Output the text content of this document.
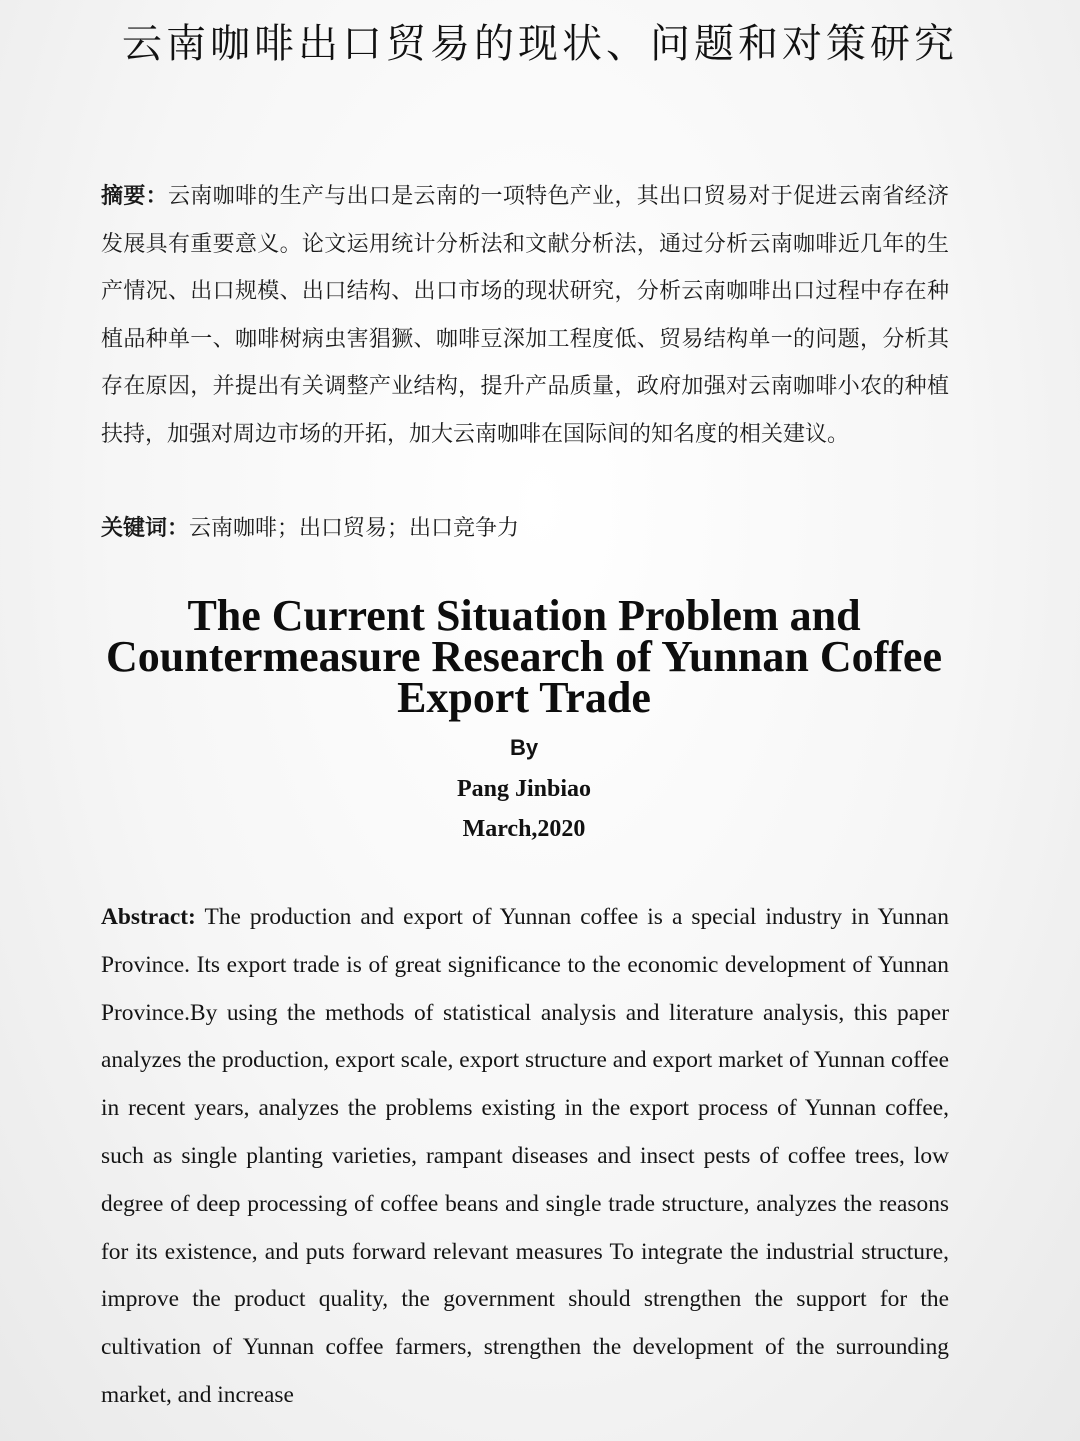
云南咖啡出口贸易的现状、问题和对策研究
摘要：云南咖啡的生产与出口是云南的一项特色产业，其出口贸易对于促进云南省经济发展具有重要意义。论文运用统计分析法和文献分析法，通过分析云南咖啡近几年的生产情况、出口规模、出口结构、出口市场的现状研究，分析云南咖啡出口过程中存在种植品种单一、咖啡树病虫害猖獗、咖啡豆深加工程度低、贸易结构单一的问题，分析其存在原因，并提出有关调整产业结构，提升产品质量，政府加强对云南咖啡小农的种植扶持，加强对周边市场的开拓，加大云南咖啡在国际间的知名度的相关建议。
关键词：云南咖啡；出口贸易；出口竞争力
The Current Situation Problem and Countermeasure Research of Yunnan Coffee Export Trade
By
Pang Jinbiao
March,2020
Abstract: The production and export of Yunnan coffee is a special industry in Yunnan Province. Its export trade is of great significance to the economic development of Yunnan Province.By using the methods of statistical analysis and literature analysis, this paper analyzes the production, export scale, export structure and export market of Yunnan coffee in recent years, analyzes the problems existing in the export process of Yunnan coffee, such as single planting varieties, rampant diseases and insect pests of coffee trees, low degree of deep processing of coffee beans and single trade structure, analyzes the reasons for its existence, and puts forward relevant measures To integrate the industrial structure, improve the product quality, the government should strengthen the support for the cultivation of Yunnan coffee farmers, strengthen the development of the surrounding market, and increase
